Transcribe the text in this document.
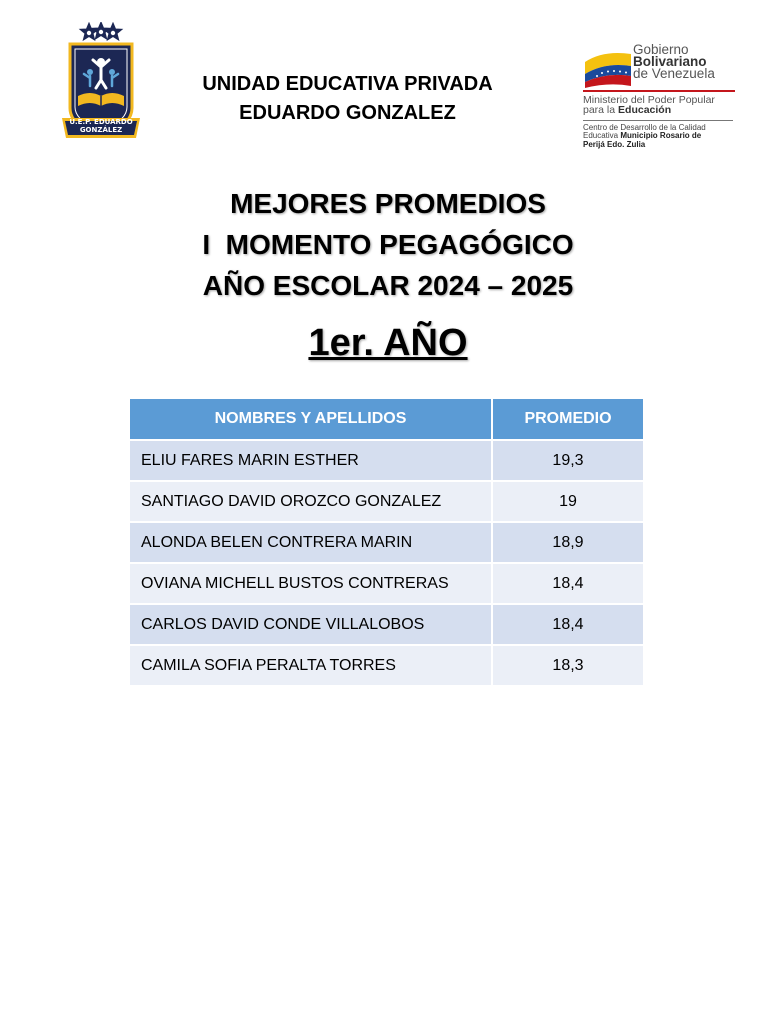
U.E.P. EDUARDO
GONZÁLEZ
UNIDAD EDUCATIVA PRIVADA
EDUARDO GONZALEZ
Gobierno
Bolivariano
de Venezuela
Ministerio del Poder Popular
para la Educación
Centro de Desarrollo de la Calidad
Educativa Municipio Rosario de
Perijá Edo. Zulia
MEJORES PROMEDIOS
I  MOMENTO PEGAGÓGICO
AÑO ESCOLAR 2024 – 2025
1er. AÑO
NOMBRES Y APELLIDOS	PROMEDIO
ELIU FARES MARIN ESTHER	19,3
SANTIAGO DAVID OROZCO GONZALEZ	19
ALONDA BELEN CONTRERA MARIN	18,9
OVIANA MICHELL BUSTOS CONTRERAS	18,4
CARLOS DAVID CONDE VILLALOBOS	18,4
CAMILA SOFIA PERALTA TORRES	18,3
